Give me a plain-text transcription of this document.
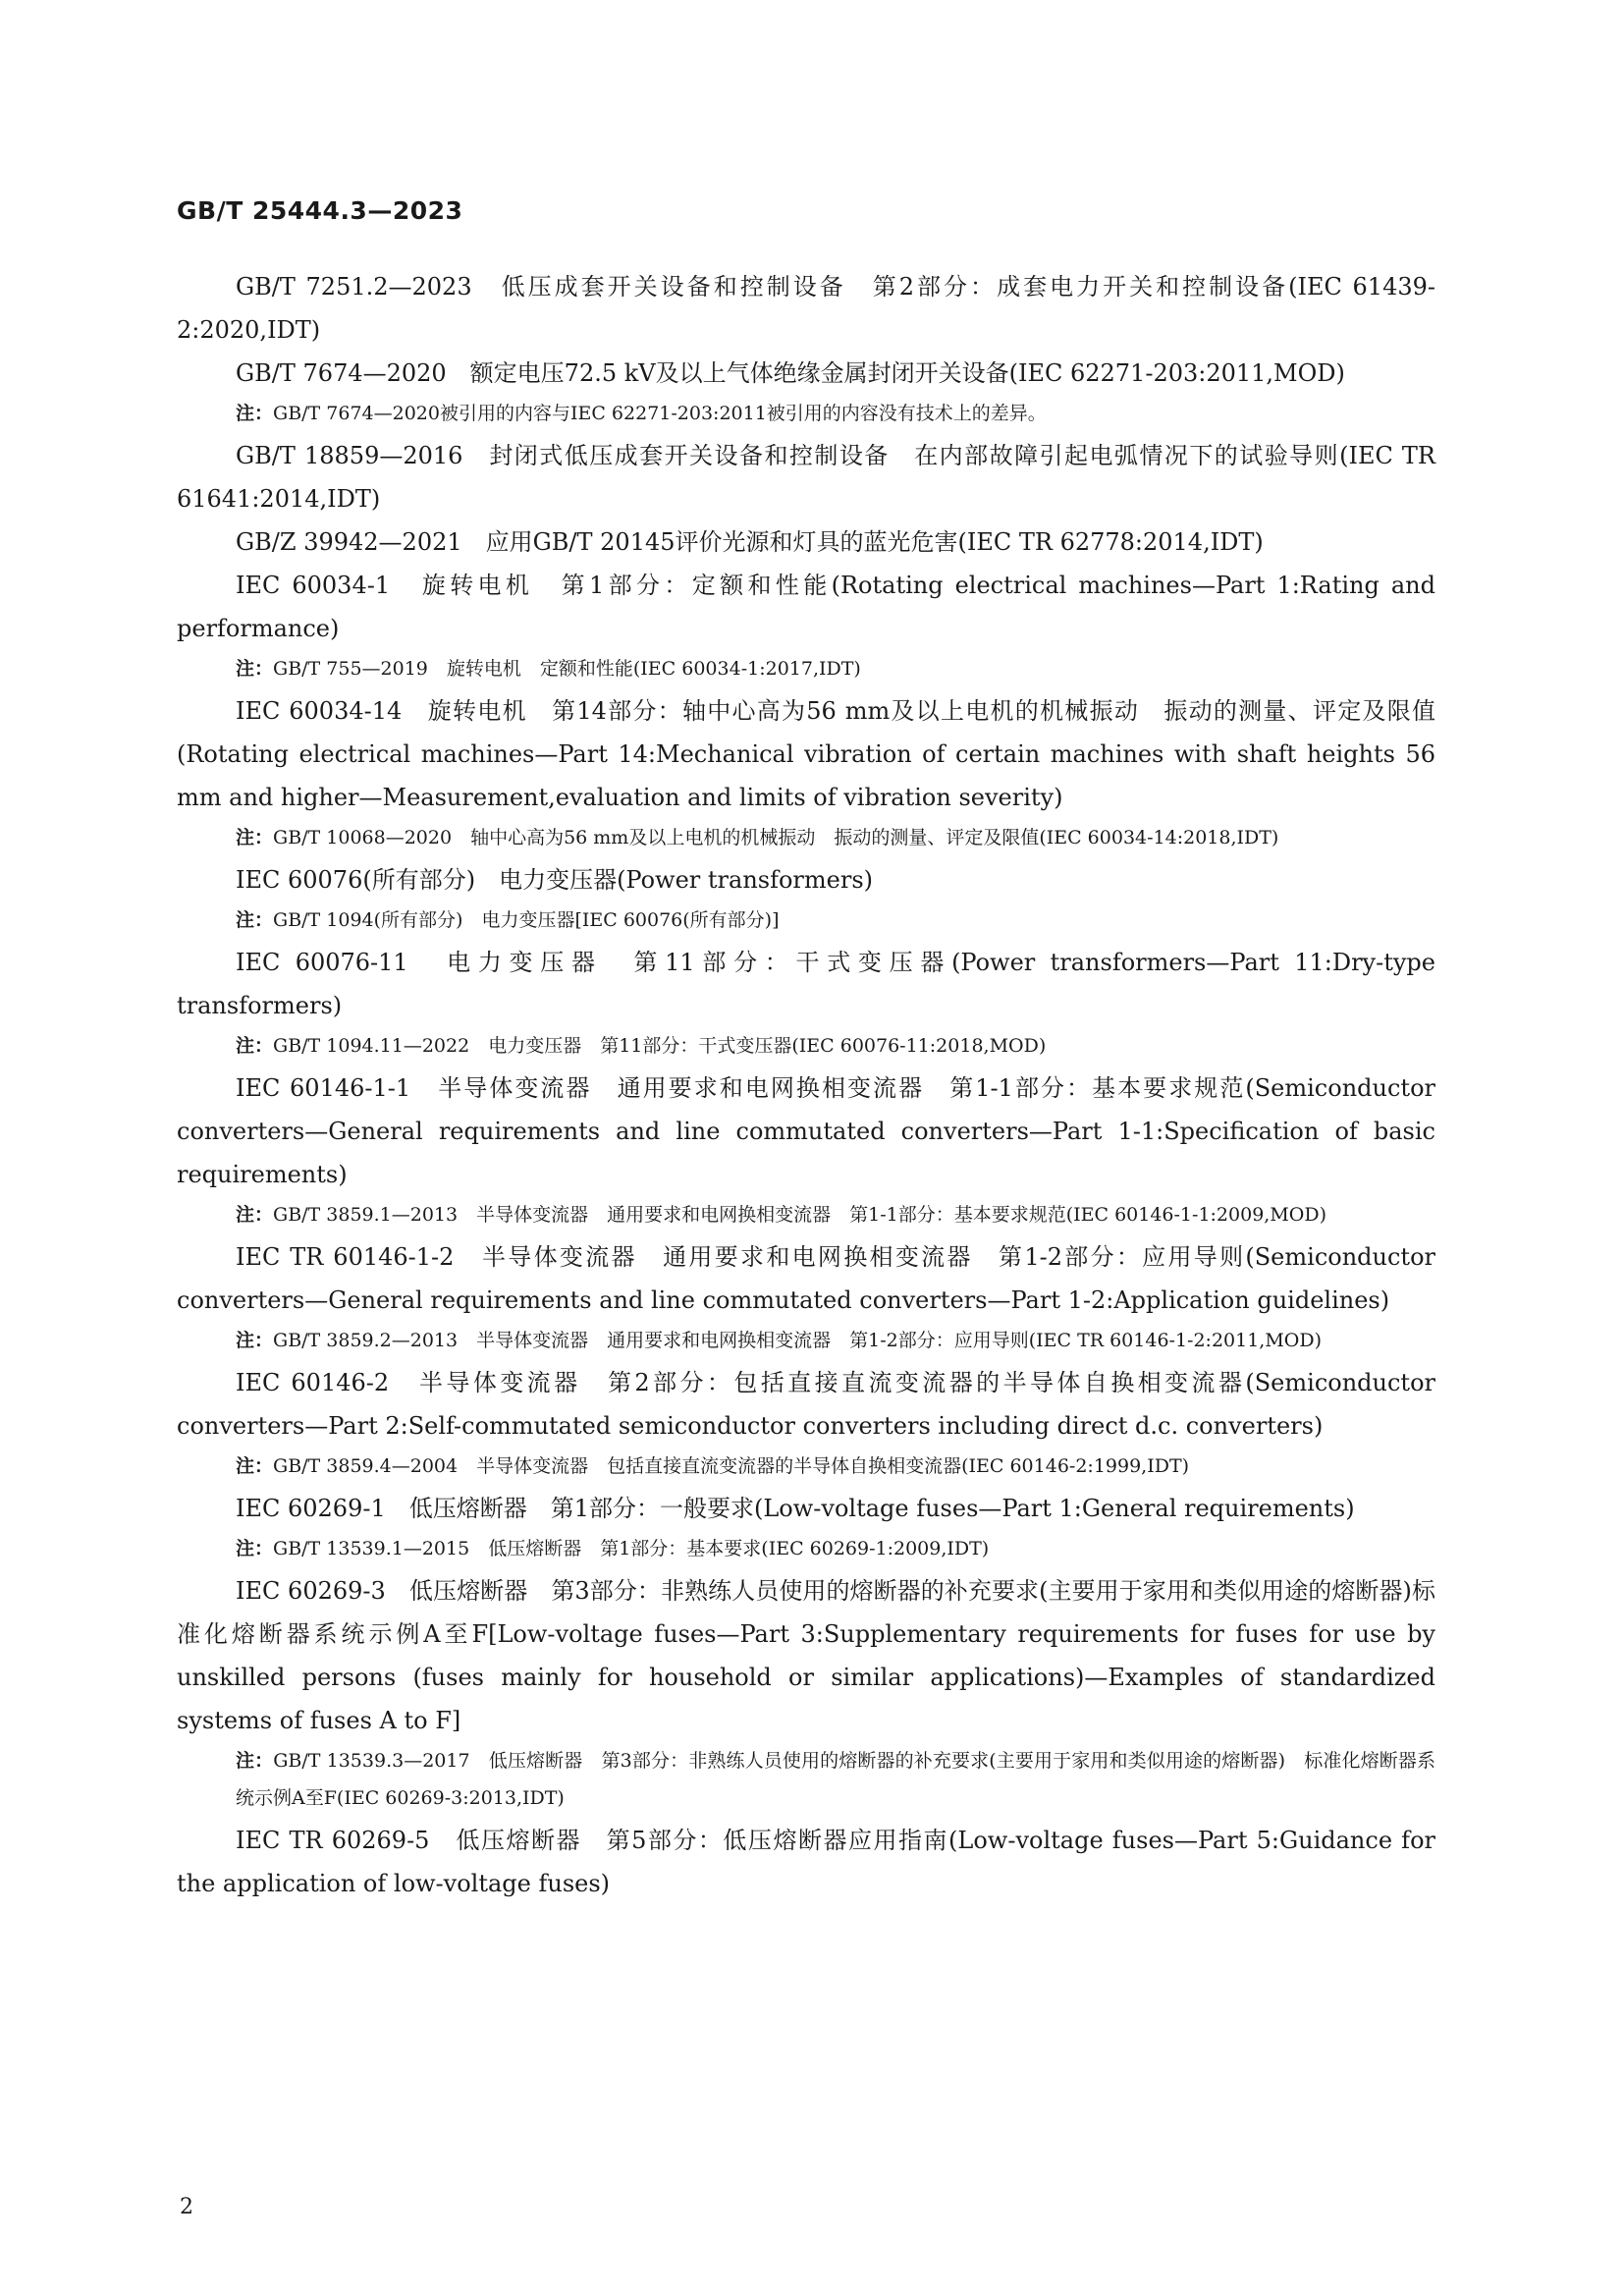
GB/T 25444.3—2023

GB/T 7251.2—2023　低压成套开关设备和控制设备　第2部分：成套电力开关和控制设备(IEC 61439-2:2020,IDT)

GB/T 7674—2020　额定电压72.5 kV及以上气体绝缘金属封闭开关设备(IEC 62271-203:2011,MOD)

注：GB/T 7674—2020被引用的内容与IEC 62271-203:2011被引用的内容没有技术上的差异。

GB/T 18859—2016　封闭式低压成套开关设备和控制设备　在内部故障引起电弧情况下的试验导则(IEC TR 61641:2014,IDT)

GB/Z 39942—2021　应用GB/T 20145评价光源和灯具的蓝光危害(IEC TR 62778:2014,IDT)

IEC 60034-1　旋转电机　第1部分：定额和性能(Rotating electrical machines—Part 1:Rating and performance)

注：GB/T 755—2019　旋转电机　定额和性能(IEC 60034-1:2017,IDT)

IEC 60034-14　旋转电机　第14部分：轴中心高为56 mm及以上电机的机械振动　振动的测量、评定及限值(Rotating electrical machines—Part 14:Mechanical vibration of certain machines with shaft heights 56 mm and higher—Measurement,evaluation and limits of vibration severity)

注：GB/T 10068—2020　轴中心高为56 mm及以上电机的机械振动　振动的测量、评定及限值(IEC 60034-14:2018,IDT)

IEC 60076(所有部分)　电力变压器(Power transformers)

注：GB/T 1094(所有部分)　电力变压器[IEC 60076(所有部分)]

IEC 60076-11　电力变压器　第11部分：干式变压器(Power transformers—Part 11:Dry-type transformers)

注：GB/T 1094.11—2022　电力变压器　第11部分：干式变压器(IEC 60076-11:2018,MOD)

IEC 60146-1-1　半导体变流器　通用要求和电网换相变流器　第1-1部分：基本要求规范(Semiconductor converters—General requirements and line commutated converters—Part 1-1:Specification of basic requirements)

注：GB/T 3859.1—2013　半导体变流器　通用要求和电网换相变流器　第1-1部分：基本要求规范(IEC 60146-1-1:2009,MOD)

IEC TR 60146-1-2　半导体变流器　通用要求和电网换相变流器　第1-2部分：应用导则(Semiconductor converters—General requirements and line commutated converters—Part 1-2:Application guidelines)

注：GB/T 3859.2—2013　半导体变流器　通用要求和电网换相变流器　第1-2部分：应用导则(IEC TR 60146-1-2:2011,MOD)

IEC 60146-2　半导体变流器　第2部分：包括直接直流变流器的半导体自换相变流器(Semiconductor converters—Part 2:Self-commutated semiconductor converters including direct d.c. converters)

注：GB/T 3859.4—2004　半导体变流器　包括直接直流变流器的半导体自换相变流器(IEC 60146-2:1999,IDT)

IEC 60269-1　低压熔断器　第1部分：一般要求(Low-voltage fuses—Part 1:General requirements)

注：GB/T 13539.1—2015　低压熔断器　第1部分：基本要求(IEC 60269-1:2009,IDT)

IEC 60269-3　低压熔断器　第3部分：非熟练人员使用的熔断器的补充要求(主要用于家用和类似用途的熔断器)标准化熔断器系统示例A至F[Low-voltage fuses—Part 3:Supplementary requirements for fuses for use by unskilled persons (fuses mainly for household or similar applications)—Examples of standardized systems of fuses A to F]

注：GB/T 13539.3—2017　低压熔断器　第3部分：非熟练人员使用的熔断器的补充要求(主要用于家用和类似用途的熔断器)　标准化熔断器系统示例A至F(IEC 60269-3:2013,IDT)

IEC TR 60269-5　低压熔断器　第5部分：低压熔断器应用指南(Low-voltage fuses—Part 5:Guidance for the application of low-voltage fuses)

2
